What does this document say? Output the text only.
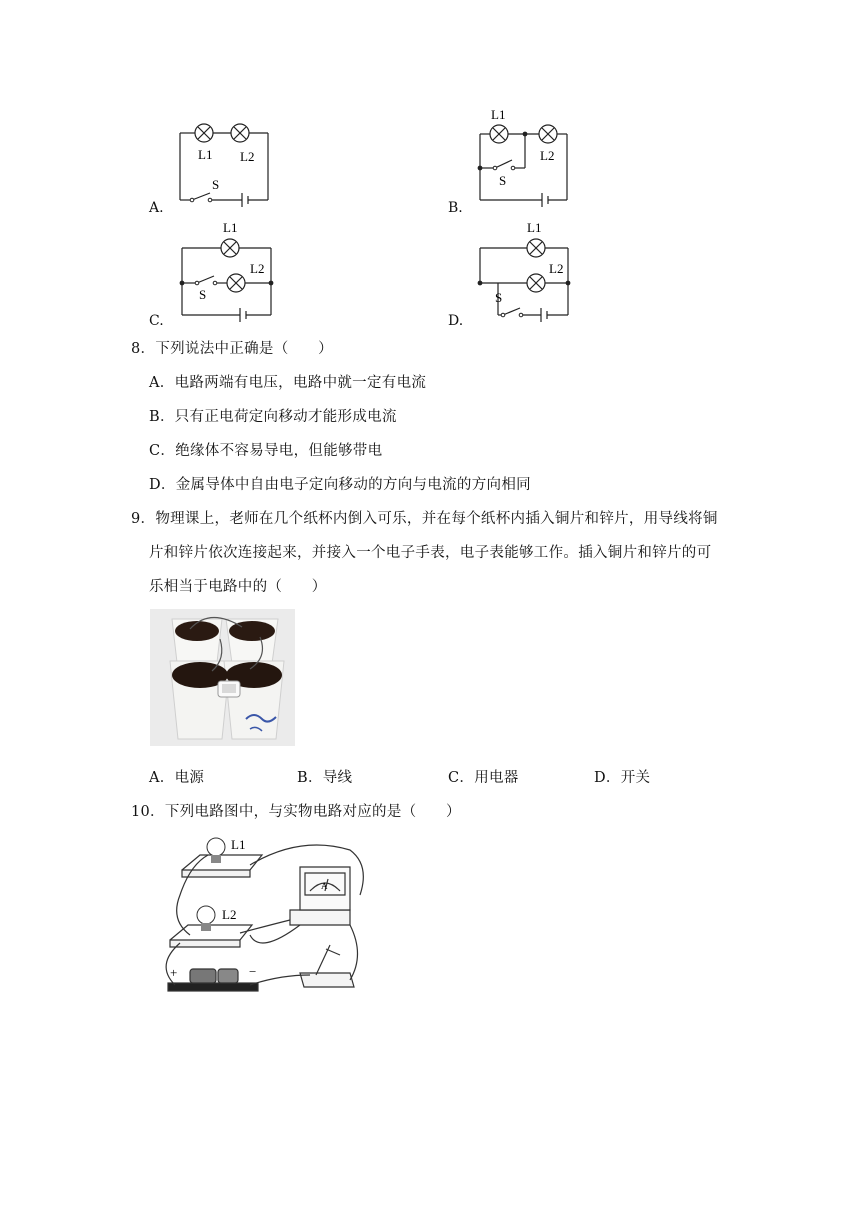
A.
L1 L2
S
B.
L1
L2
S
C.
L1
L2
S
D.
L1
L2
S
8．下列说法中正确是（　　）
A．电路两端有电压，电路中就一定有电流
B．只有正电荷定向移动才能形成电流
C．绝缘体不容易导电，但能够带电
D．金属导体中自由电子定向移动的方向与电流的方向相同
9．物理课上，老师在几个纸杯内倒入可乐，并在每个纸杯内插入铜片和锌片，用导线将铜
片和锌片依次连接起来，并接入一个电子手表，电子表能够工作。插入铜片和锌片的可
乐相当于电路中的（　　）
A．电源	B．导线	C．用电器	D．开关
10．下列电路图中，与实物电路对应的是（　　）
L1
L2
A
+	−
